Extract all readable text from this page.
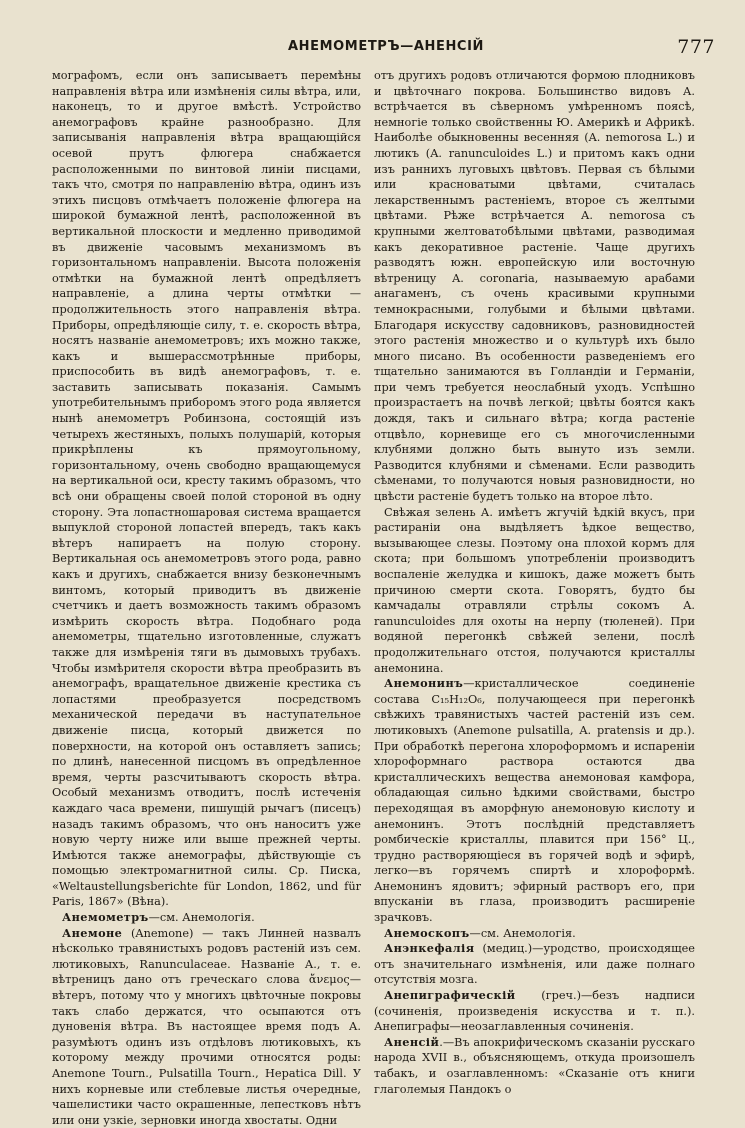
АНЕМОМЕТРЪ—АНЕНСІЙ	777

мографомъ, если онъ записываетъ перемѣны направленія вѣтра или измѣненія силы вѣтра, или, наконецъ, то и другое вмѣстѣ. Устройство анемографовъ крайне разнообразно. Для записыванія направленія вѣтра вращающійся осевой прутъ флюгера снабжается расположенными по винтовой линіи писцами, такъ что, смотря по направленію вѣтра, одинъ изъ этихъ писцовъ отмѣчаетъ положеніе флюгера на широкой бумажной лентѣ, расположенной въ вертикальной плоскости и медленно приводимой въ движеніе часовымъ механизмомъ въ горизонтальномъ направленіи. Высота положенія отмѣтки на бумажной лентѣ опредѣляетъ направленіе, а длина черты отмѣтки — продолжительность этого направленія вѣтра. Приборы, опредѣляющіе силу, т. е. скорость вѣтра, носятъ названіе анемометровъ; ихъ можно также, какъ и вышерассмотрѣнные приборы, приспособить въ видѣ анемографовъ, т. е. заставить записывать показанія. Самымъ употребительнымъ приборомъ этого рода является нынѣ анемометръ Робинзона, состоящій изъ четырехъ жестяныхъ, полыхъ полушарій, которыя прикрѣплены къ прямоугольному, горизонтальному, очень свободно вращающемуся на вертикальной оси, кресту такимъ образомъ, что всѣ они обращены своей полой стороной въ одну сторону. Эта лопастношаровая система вращается выпуклой стороной лопастей впередъ, такъ какъ вѣтеръ напираетъ на полую сторону. Вертикальная ось анемометровъ этого рода, равно какъ и другихъ, снабжается внизу безконечнымъ винтомъ, который приводитъ въ движеніе счетчикъ и даетъ возможность такимъ образомъ измѣрить скорость вѣтра. Подобнаго рода анемометры, тщательно изготовленные, служатъ также для измѣренія тяги въ дымовыхъ трубахъ. Чтобы измѣрителя скорости вѣтра преобразить въ анемографъ, вращательное движеніе крестика съ лопастями преобразуется посредствомъ механической передачи въ наступательное движеніе писца, который движется по поверхности, на которой онъ оставляетъ запись; по длинѣ, нанесенной писцомъ въ опредѣленное время, черты разсчитываютъ скорость вѣтра. Особый механизмъ отводитъ, послѣ истеченія каждаго часа времени, пишущій рычагъ (писецъ) назадъ такимъ образомъ, что онъ наноситъ уже новую черту ниже или выше прежней черты. Имѣются также анемографы, дѣйствующіе съ помощью электромагнитной силы. Ср. Писка, «Weltaustellungsberichte für London, 1862, und für Paris, 1867» (Вѣна).

Анемометръ—см. Анемологія.

Анемоне (Anemone) — такъ Линней назвалъ нѣсколько травянистыхъ родовъ растеній изъ сем. лютиковыхъ, Ranunculaceae. Названіе А., т. е. вѣтреницъ дано отъ греческаго слова ἄνεμος—вѣтеръ, потому что у многихъ цвѣточные покровы такъ слабо держатся, что осыпаются отъ дуновенія вѣтра. Въ настоящее время подъ А. разумѣютъ одинъ изъ отдѣловъ лютиковыхъ, къ которому между прочими относятся роды: Anemone Tourn., Pulsatilla Tourn., Hepatica Dill. У нихъ корневые или стеблевые листья очередные, чашелистики часто окрашенные, лепестковъ нѣтъ или они узкіе, зерновки иногда хвостаты. Одни

отъ другихъ родовъ отличаются формою плодниковъ и цвѣточнаго покрова. Большинство видовъ А. встрѣчается въ сѣверномъ умѣренномъ поясѣ, немногіе только свойственны Ю. Америкѣ и Африкѣ. Наиболѣе обыкновенны весенняя (A. nemorosa L.) и лютикъ (A. ranunculoides L.) и притомъ какъ одни изъ раннихъ луговыхъ цвѣтовъ. Первая съ бѣлыми или красноватыми цвѣтами, считалась лекарственнымъ растеніемъ, второе съ желтыми цвѣтами. Рѣже встрѣчается А. nemorosa съ крупными желтоватобѣлыми цвѣтами, разводимая какъ декоративное растеніе. Чаще другихъ разводятъ южн. европейскую или восточную вѣтреницу A. coronaria, называемую арабами анагаменъ, съ очень красивыми крупными темнокрасными, голубыми и бѣлыми цвѣтами. Благодаря искусству садовниковъ, разновидностей этого растенія множество и о культурѣ ихъ было много писано. Въ особенности разведеніемъ его тщательно занимаются въ Голландіи и Германіи, при чемъ требуется неослабный уходъ. Успѣшно произрастаетъ на почвѣ легкой; цвѣты боятся какъ дождя, такъ и сильнаго вѣтра; когда растеніе отцвѣло, корневище его съ многочисленными клубнями должно быть вынуто изъ земли. Разводится клубнями и сѣменами. Если разводить сѣменами, то получаются новыя разновидности, но цвѣсти растеніе будетъ только на второе лѣто.

Свѣжая зелень А. имѣетъ жгучій ѣдкій вкусъ, при растираніи она выдѣляетъ ѣдкое вещество, вызывающее слезы. Поэтому она плохой кормъ для скота; при большомъ употребленіи производитъ воспаленіе желудка и кишокъ, даже можетъ быть причиною смерти скота. Говорятъ, будто бы камчадалы отравляли стрѣлы сокомъ A. ranunculoides для охоты на нерпу (тюленей). При водяной перегонкѣ свѣжей зелени, послѣ продолжительнаго отстоя, получаются кристаллы анемонина.

Анемонинъ—кристаллическое соединеніе состава C₁₅H₁₂O₆, получающееся при перегонкѣ свѣжихъ травянистыхъ частей растеній изъ сем. лютиковыхъ (Anemone pulsatilla, A. pratensis и др.). При обработкѣ перегона хлороформомъ и испареніи хлороформнаго раствора остаются два кристаллическихъ вещества анемоновая камфора, обладающая сильно ѣдкими свойствами, быстро переходящая въ аморфную анемоновую кислоту и анемонинъ. Этотъ послѣдній представляетъ ромбическіе кристаллы, плавится при 156° Ц., трудно растворяющіеся въ горячей водѣ и эфирѣ, легко—въ горячемъ спиртѣ и хлороформѣ. Анемонинъ ядовитъ; эфирный растворъ его, при впусканіи въ глаза, производитъ расширеніе зрачковъ.

Анемоскопъ—см. Анемологія.

Анэнкефалія (медиц.)—уродство, происходящее отъ значительнаго измѣненія, или даже полнаго отсутствія мозга.

Анепиграфическій (греч.)—безъ надписи (сочиненія, произведенія искусства и т. п.). Анепиграфы—неозаглавленныя сочиненія.

Аненсій.—Въ апокрифическомъ сказаніи русскаго народа XVII в., объясняющемъ, откуда произошелъ табакъ, и озаглавленномъ: «Сказаніе отъ книги глаголемыя Пандокъ о
